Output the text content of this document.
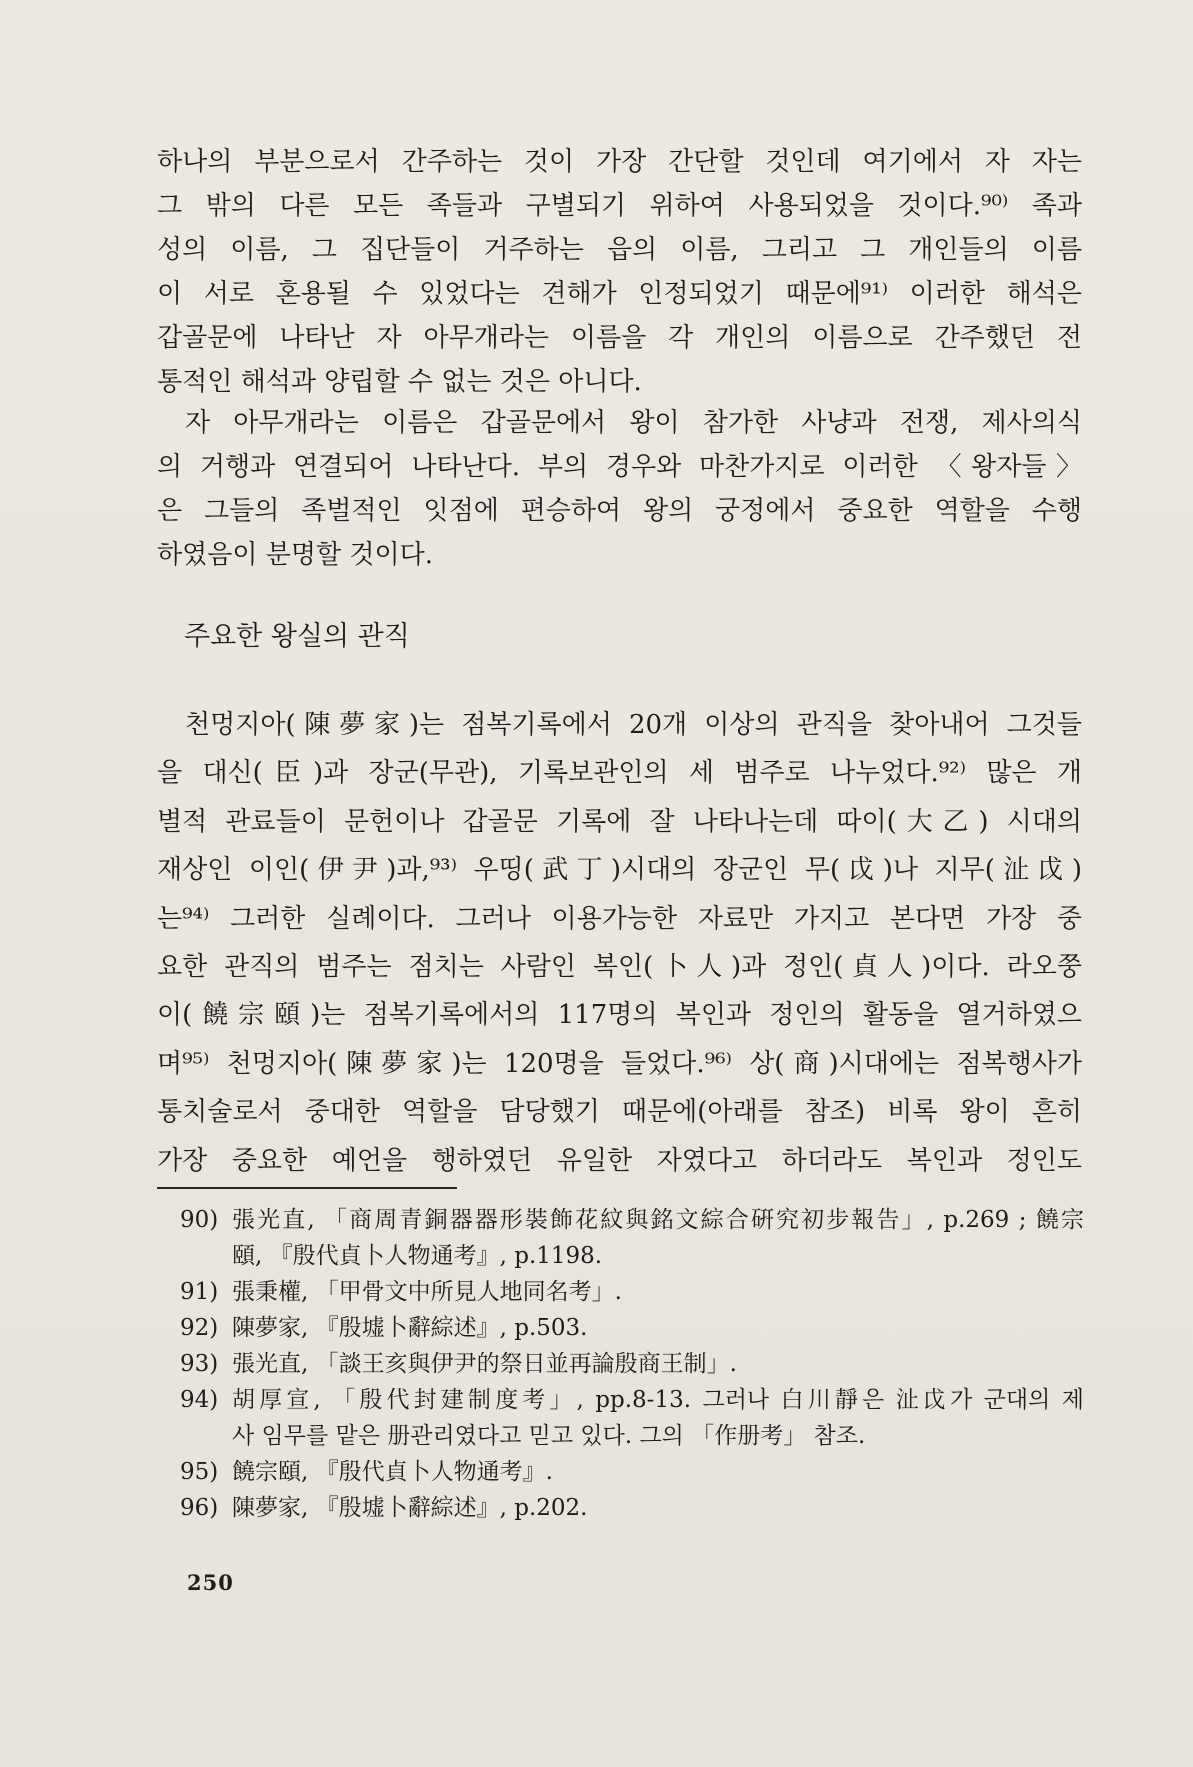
하나의 부분으로서 간주하는 것이 가장 간단할 것인데 여기에서 자 자는
그 밖의 다른 모든 족들과 구별되기 위하여 사용되었을 것이다.⁹⁰⁾ 족과
성의 이름, 그 집단들이 거주하는 읍의 이름, 그리고 그 개인들의 이름
이 서로 혼용될 수 있었다는 견해가 인정되었기 때문에⁹¹⁾ 이러한 해석은
갑골문에 나타난 자 아무개라는 이름을 각 개인의 이름으로 간주했던 전
통적인 해석과 양립할 수 없는 것은 아니다.
자 아무개라는 이름은 갑골문에서 왕이 참가한 사냥과 전쟁, 제사의식
의 거행과 연결되어 나타난다. 부의 경우와 마찬가지로 이러한 〈왕자들〉
은 그들의 족벌적인 잇점에 편승하여 왕의 궁정에서 중요한 역할을 수행
하였음이 분명할 것이다.
주요한 왕실의 관직
천멍지아(陳夢家)는 점복기록에서 20개 이상의 관직을 찾아내어 그것들
을 대신(臣)과 장군(무관), 기록보관인의 세 범주로 나누었다.⁹²⁾ 많은 개
별적 관료들이 문헌이나 갑골문 기록에 잘 나타나는데 따이(大乙) 시대의
재상인 이인(伊尹)과,⁹³⁾ 우띵(武丁)시대의 장군인 무(戉)나 지무(沚戉)
는⁹⁴⁾ 그러한 실례이다. 그러나 이용가능한 자료만 가지고 본다면 가장 중
요한 관직의 범주는 점치는 사람인 복인(卜人)과 정인(貞人)이다. 라오쭝
이(饒宗頤)는 점복기록에서의 117명의 복인과 정인의 활동을 열거하였으
며⁹⁵⁾ 천멍지아(陳夢家)는 120명을 들었다.⁹⁶⁾ 상(商)시대에는 점복행사가
통치술로서 중대한 역할을 담당했기 때문에(아래를 참조) 비록 왕이 흔히
가장 중요한 예언을 행하였던 유일한 자였다고 하더라도 복인과 정인도
90) 張光直, 「商周青銅器器形裝飾花紋與銘文綜合硏究初步報告」, p.269 ; 饒宗
頤, 『殷代貞卜人物通考』, p.1198.
91) 張秉權, 「甲骨文中所見人地同名考」.
92) 陳夢家, 『殷墟卜辭綜述』, p.503.
93) 張光直, 「談王亥與伊尹的祭日並再論殷商王制」.
94) 胡厚宣, 「殷代封建制度考」, pp.8-13. 그러나 白川靜은 沚戉가 군대의 제
사 임무를 맡은 册관리였다고 믿고 있다. 그의 「作册考」 참조.
95) 饒宗頤, 『殷代貞卜人物通考』.
96) 陳夢家, 『殷墟卜辭綜述』, p.202.
250
